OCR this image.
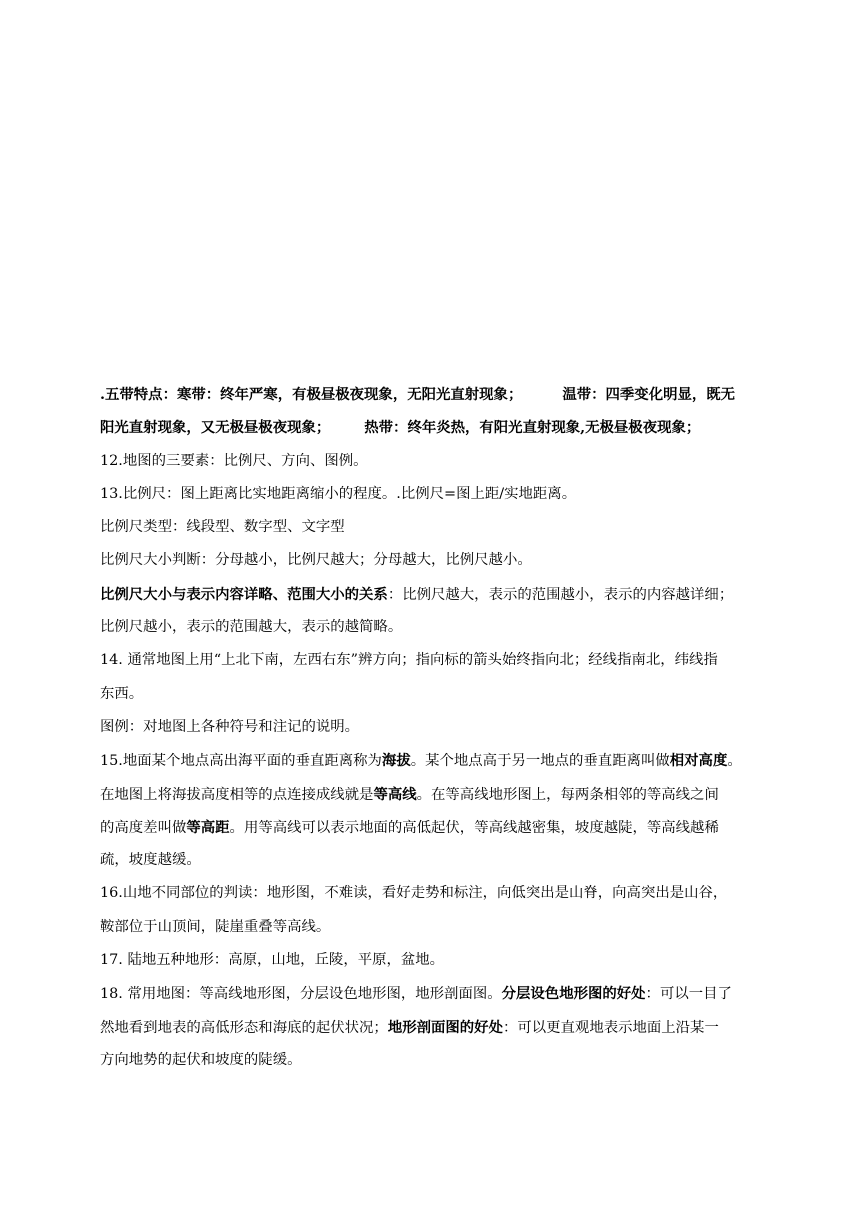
.五带特点：寒带：终年严寒，有极昼极夜现象，无阳光直射现象；	温带：四季变化明显，既无
阳光直射现象，又无极昼极夜现象； 热带：终年炎热，有阳光直射现象,无极昼极夜现象；
12.地图的三要素：比例尺、方向、图例。
13.比例尺：图上距离比实地距离缩小的程度。.比例尺=图上距/实地距离。
比例尺类型：线段型、数字型、文字型
比例尺大小判断：分母越小，比例尺越大；分母越大，比例尺越小。
比例尺大小与表示内容详略、范围大小的关系：比例尺越大，表示的范围越小，表示的内容越详细；
比例尺越小，表示的范围越大，表示的越简略。
14. 通常地图上用“上北下南，左西右东”辨方向；指向标的箭头始终指向北；经线指南北，纬线指
东西。
图例：对地图上各种符号和注记的说明。
15.地面某个地点高出海平面的垂直距离称为海拔。某个地点高于另一地点的垂直距离叫做相对高度。
在地图上将海拔高度相等的点连接成线就是等高线。在等高线地形图上，每两条相邻的等高线之间
的高度差叫做等高距。用等高线可以表示地面的高低起伏，等高线越密集，坡度越陡，等高线越稀
疏，坡度越缓。
16.山地不同部位的判读：地形图，不难读，看好走势和标注，向低突出是山脊，向高突出是山谷，
鞍部位于山顶间，陡崖重叠等高线。
17. 陆地五种地形：高原，山地，丘陵，平原，盆地。
18. 常用地图：等高线地形图，分层设色地形图，地形剖面图。分层设色地形图的好处：可以一目了
然地看到地表的高低形态和海底的起伏状况；地形剖面图的好处：可以更直观地表示地面上沿某一
方向地势的起伏和坡度的陡缓。
